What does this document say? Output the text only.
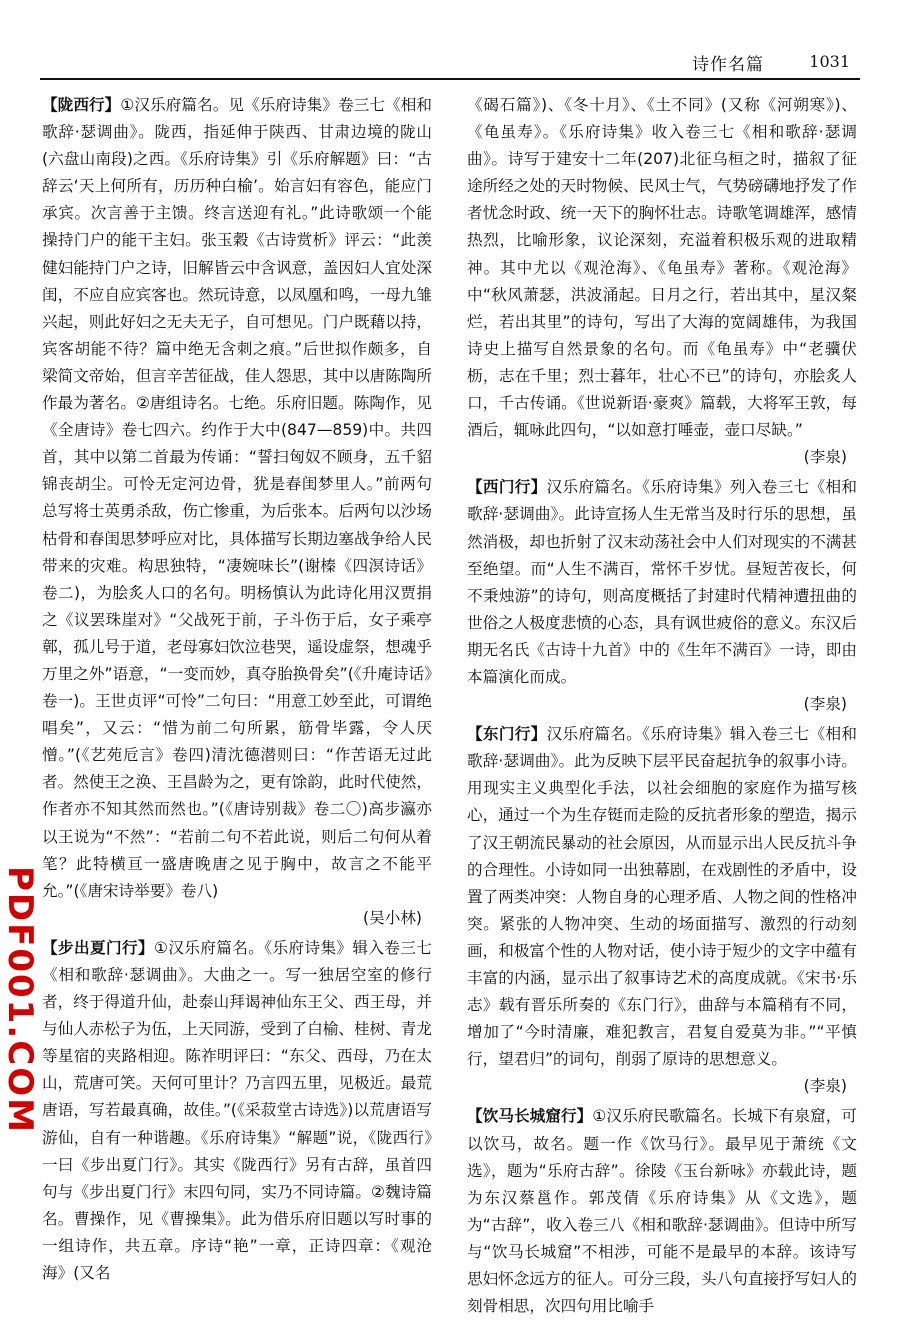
诗作名篇	1031

【陇西行】①汉乐府篇名。见《乐府诗集》卷三七《相和歌辞·瑟调曲》。陇西，指延伸于陕西、甘肃边境的陇山(六盘山南段)之西。《乐府诗集》引《乐府解题》曰：“古辞云‘天上何所有，历历种白榆’。始言妇有容色，能应门承宾。次言善于主馈。终言送迎有礼。”此诗歌颂一个能操持门户的能干主妇。张玉穀《古诗赏析》评云：“此羡健妇能持门户之诗，旧解皆云中含讽意，盖因妇人宜处深闺，不应自应宾客也。然玩诗意，以凤凰和鸣，一母九雏兴起，则此好妇之无夫无子，自可想见。门户既藉以持，宾客胡能不待？篇中绝无含刺之痕。”后世拟作颇多，自梁简文帝始，但言辛苦征战，佳人怨思，其中以唐陈陶所作最为著名。②唐组诗名。七绝。乐府旧题。陈陶作，见《全唐诗》卷七四六。约作于大中(847—859)中。共四首，其中以第二首最为传诵：“誓扫匈奴不顾身，五千貂锦丧胡尘。可怜无定河边骨，犹是春闺梦里人。”前两句总写将士英勇杀敌，伤亡惨重，为后张本。后两句以沙场枯骨和春闺思梦呼应对比，具体描写长期边塞战争给人民带来的灾难。构思独特，“凄婉味长”(谢榛《四溟诗话》卷二)，为脍炙人口的名句。明杨慎认为此诗化用汉贾捐之《议罢珠崖对》“父战死于前，子斗伤于后，女子乘亭鄣，孤儿号于道，老母寡妇饮泣巷哭，遥设虚祭，想魂乎万里之外”语意，“一变而妙，真夺胎换骨矣”(《升庵诗话》卷一)。王世贞评“可怜”二句曰：“用意工妙至此，可谓绝唱矣”，又云：“惜为前二句所累，筋骨毕露，令人厌憎。”(《艺苑卮言》卷四)清沈德潜则曰：“作苦语无过此者。然使王之涣、王昌龄为之，更有馀韵，此时代使然，作者亦不知其然而然也。”(《唐诗别裁》卷二〇)高步瀛亦以王说为“不然”：“若前二句不若此说，则后二句何从着笔？此特横亘一盛唐晚唐之见于胸中，故言之不能平允。”(《唐宋诗举要》卷八)

(吴小林)

【步出夏门行】①汉乐府篇名。《乐府诗集》辑入卷三七《相和歌辞·瑟调曲》。大曲之一。写一独居空室的修行者，终于得道升仙，赴泰山拜谒神仙东王父、西王母，并与仙人赤松子为伍，上天同游，受到了白榆、桂树、青龙等星宿的夹路相迎。陈祚明评曰：“东父、西母，乃在太山，荒唐可笑。天何可里计？乃言四五里，见极近。最荒唐语，写若最真确，故佳。”(《采菽堂古诗选》)以荒唐语写游仙，自有一种谐趣。《乐府诗集》“解题”说，《陇西行》一曰《步出夏门行》。其实《陇西行》另有古辞，虽首四句与《步出夏门行》末四句同，实乃不同诗篇。②魏诗篇名。曹操作，见《曹操集》。此为借乐府旧题以写时事的一组诗作，共五章。序诗“艳”一章，正诗四章：《观沧海》(又名

《碣石篇》)、《冬十月》、《土不同》(又称《河朔寒》)、《龟虽寿》。《乐府诗集》收入卷三七《相和歌辞·瑟调曲》。诗写于建安十二年(207)北征乌桓之时，描叙了征途所经之处的天时物候、民风士气，气势磅礴地抒发了作者忧念时政、统一天下的胸怀壮志。诗歌笔调雄浑，感情热烈，比喻形象，议论深刻，充溢着积极乐观的进取精神。其中尤以《观沧海》、《龟虽寿》著称。《观沧海》中“秋风萧瑟，洪波涌起。日月之行，若出其中，星汉粲烂，若出其里”的诗句，写出了大海的宽阔雄伟，为我国诗史上描写自然景象的名句。而《龟虽寿》中“老骥伏枥，志在千里；烈士暮年，壮心不已”的诗句，亦脍炙人口，千古传诵。《世说新语·豪爽》篇载，大将军王敦，每酒后，辄咏此四句，“以如意打唾壶，壶口尽缺。”

(李泉)

【西门行】汉乐府篇名。《乐府诗集》列入卷三七《相和歌辞·瑟调曲》。此诗宣扬人生无常当及时行乐的思想，虽然消极，却也折射了汉末动荡社会中人们对现实的不满甚至绝望。而“人生不满百，常怀千岁忧。昼短苦夜长，何不秉烛游”的诗句，则高度概括了封建时代精神遭扭曲的世俗之人极度悲愤的心态，具有讽世疲俗的意义。东汉后期无名氏《古诗十九首》中的《生年不满百》一诗，即由本篇演化而成。

(李泉)

【东门行】汉乐府篇名。《乐府诗集》辑入卷三七《相和歌辞·瑟调曲》。此为反映下层平民奋起抗争的叙事小诗。用现实主义典型化手法，以社会细胞的家庭作为描写核心，通过一个为生存铤而走险的反抗者形象的塑造，揭示了汉王朝流民暴动的社会原因，从而显示出人民反抗斗争的合理性。小诗如同一出独幕剧，在戏剧性的矛盾中，设置了两类冲突：人物自身的心理矛盾、人物之间的性格冲突。紧张的人物冲突、生动的场面描写、激烈的行动刻画，和极富个性的人物对话，使小诗于短少的文字中蕴有丰富的内涵，显示出了叙事诗艺术的高度成就。《宋书·乐志》载有晋乐所奏的《东门行》，曲辞与本篇稍有不同，增加了“今时清廉，难犯教言，君复自爱莫为非。”“平慎行，望君归”的词句，削弱了原诗的思想意义。

(李泉)

【饮马长城窟行】①汉乐府民歌篇名。长城下有泉窟，可以饮马，故名。题一作《饮马行》。最早见于萧统《文选》，题为“乐府古辞”。徐陵《玉台新咏》亦载此诗，题为东汉蔡邕作。郭茂倩《乐府诗集》从《文选》，题为“古辞”，收入卷三八《相和歌辞·瑟调曲》。但诗中所写与“饮马长城窟”不相涉，可能不是最早的本辞。该诗写思妇怀念远方的征人。可分三段，头八句直接抒写妇人的刻骨相思，次四句用比喻手

PDF001.COM
